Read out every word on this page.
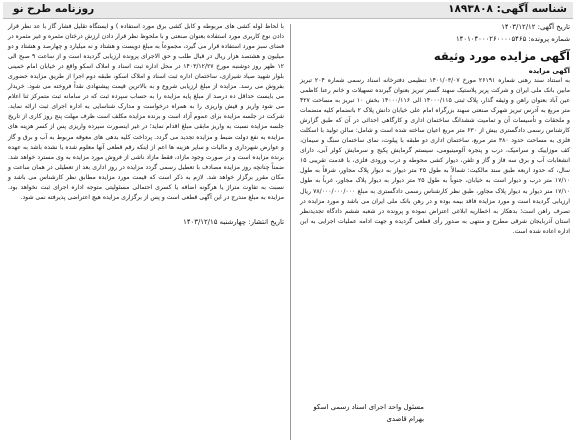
شناسه آگهی: ۱۸۹۳۸۰۸
روزنامه طرح نو
تاریخ آگهی: ۱۴۰۳/۱۲/۱۲
شماره پرونده: ۱۴۰۱۰۴۰۰۰۲۶۰۰۰۰۵۴۶۵
آگهی مزایده مورد وثیقه
آگهی مزایده
به استناد سند رهنی شماره ۲۶۱۹۱ مورخ ۱۴۰۱/۰۳/۰۷ تنظیمی دفترخانه اسناد رسمی شماره ۲۰۴ تبریز مابین بانک ملی ایران و شرکت پریر پلاستیک سهند گستر تبریز بعنوان گیرنده تسهیلات و خانم رعنا کاظمی عین آباد بعنوان راهن و وثیقه گذار، پلاک ثبتی ۱۴۰۰۰/۱۱۵ الی ۱۴۰۰۰/۱۱۶ بخش ۱۰ تبریز به مساحت ۴۲۷ متر مربع به آدرس تبریز شهرک صنعتی سهند بزرگراه امام علی خیابان دانش پلاک ۲ بانضمام کلیه منضمات و ملحقات و تأسیسات آن و تمامیت ششدانگ ساختمان اداری و کارگاهی احداثی در آن که طبق گزارش کارشناس رسمی دادگستری بیش از ۶۳۰ متر مربع اعیان ساخته شده است و شامل: سالن تولید با اسکلت فلزی به مساحت حدود ۳۸۰ متر مربع، ساختمان اداری دو طبقه با پیلوت، نمای ساختمان سنگ و سیمان، کف موزاییک و سرامیک، درب و پنجره آلومینیومی، سیستم گرمایش پکیج و سرمایش کولر آبی، دارای انشعابات آب و برق سه فاز و گاز و تلفن، دیوار کشی محوطه و درب ورودی فلزی، با قدمت تقریبی ۱۵ سال، که حدود اربعه طبق سند مالکیت: شمالاً به طول ۲۵ متر دیوار به دیوار پلاک مجاور، شرقاً به طول ۱۷/۱۰ متر درب و دیوار است به خیابان، جنوباً به طول ۲۵ متر دیوار به دیوار پلاک مجاور، غرباً به طول ۱۷/۱۰ متر دیوار به دیوار پلاک مجاور، طبق نظر کارشناس رسمی دادگستری به مبلغ ۷۸/۰۰۰/۰۰۰/۰۰۰ ریال ارزیابی گردیده است و مورد مزایده فاقد بیمه بوده و در رهن بانک ملی ایران می باشد و مورد مزایده در تصرف راهن است؛ بدهکار به اخطاریه ابلاغی اعتراض نموده و پرونده در شعبه ششم دادگاه تجدیدنظر استان آذربایجان شرقی مطرح و منتهی به صدور رأی قطعی گردیده و جهت ادامه عملیات اجرایی به این اداره اعاده شده است.
با لحاظ لوله کشی های مربوطه و کابل کشی برق مورد استفاده ) و ایستگاه تقلیل فشار گاز با عد نظر قرار دادن نوع کاربری مورد استفاده بعنوان صنعتی و با ملحوظ نظر قرار دادن ارزش درختان مثمره و غیر مثمره در فضای سبز مورد استفاده قرار می گیرد، مجموعاً به مبلغ دویست و هشتاد و نه میلیارد و چهارصد و هشتاد و دو میلیون و هشتصد هزار ریال در قبال طلب و حق الاجرای پرونده ارزیابی گردیده است و از ساعت ۹ صبح الی ۱۲ ظهر روز دوشنبه مورخ ۱۴۰۳/۱۲/۲۷ در محل اداره ثبت اسناد و املاک اسکو واقع در خیابان امام خمینی بلوار شهید صیاد شیرازی، ساختمان اداره ثبت اسناد و املاک اسکو، طبقه دوم اجرا از طریق مزایده حضوری بفروش می رسد. مزایده از مبلغ ارزیابی شروع و به بالاترین قیمت پیشنهادی نقداً فروخته می شود. خریدار می بایست حداقل ده درصد از مبلغ پایه مزایده را به حساب سپرده ثبت که در سامانه ثبت متمرکز ثنا اعلام می شود واریز و فیش واریزی را به همراه درخواست و مدارک شناسایی به اداره اجرای ثبت ارائه نماید. شرکت در جلسه مزایده برای عموم آزاد است و برنده مزایده مکلف است ظرف مهلت پنج روز کاری از تاریخ جلسه مزایده نسبت به واریز مابقی مبلغ اقدام نماید؛ در غیر اینصورت سپرده واریزی پس از کسر هزینه های مزایده به نفع دولت ضبط و مزایده تجدید می گردد. پرداخت کلیه بدهی های معوقه مربوط به آب و برق و گاز و عوارض شهرداری و مالیات و سایر هزینه ها اعم از اینکه رقم قطعی آنها معلوم شده یا نشده باشد به عهده برنده مزایده است و در صورت وجود مازاد، فقط مازاد ناشی از فروش مورد مزایده به وی مسترد خواهد شد. ضمناً چنانچه روز مزایده مصادف با تعطیل رسمی گردد مزایده در روز اداری بعد از تعطیلی در همان ساعت و مکان مقرر برگزار خواهد شد. لازم به ذکر است که قیمت مورد مزایده مطابق نظر کارشناس می باشد و نسبت به تفاوت متراژ یا هرگونه اضافه یا کسری احتمالی مسئولیتی متوجه اداره اجرای ثبت نخواهد بود. مزایده به مبلغ مندرج در این آگهی قطعی است و پس از برگزاری مزایده هیچ اعتراضی پذیرفته نمی شود.
تاریخ انتشار: چهارشنبه ۱۴۰۳/۱۲/۱۵
مسئول واحد اجرای اسناد رسمی اسکو
بهرام قاصدی
